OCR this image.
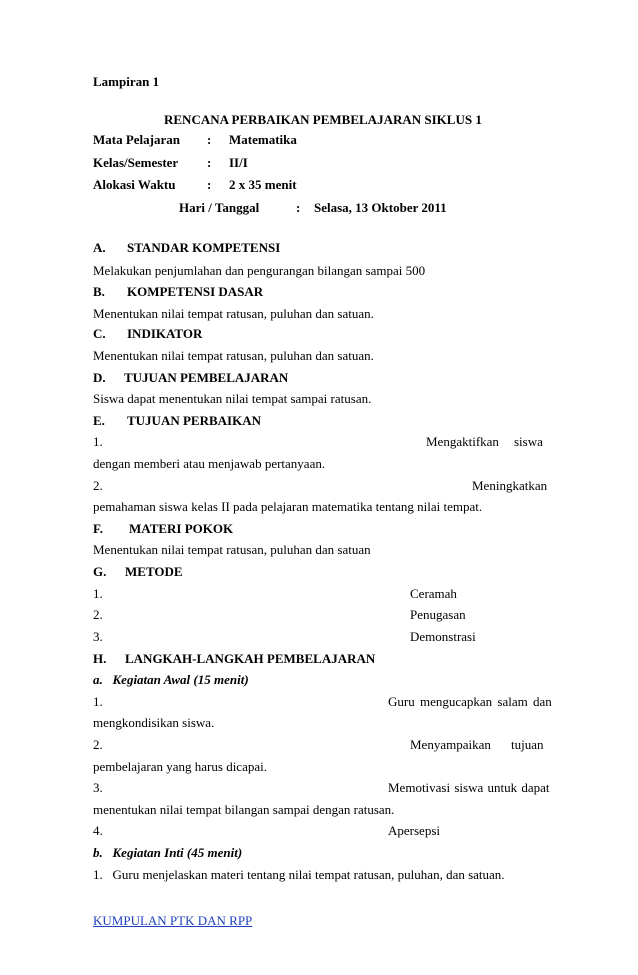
Lampiran 1
RENCANA PERBAIKAN PEMBELAJARAN SIKLUS 1
Mata Pelajaran : Matematika
Kelas/Semester : II/I
Alokasi Waktu : 2 x 35 menit
Hari / Tanggal	: Selasa, 13 Oktober 2011
A. STANDAR KOMPETENSI
Melakukan penjumlahan dan pengurangan bilangan sampai 500
B. KOMPETENSI DASAR
Menentukan nilai tempat ratusan, puluhan dan satuan.
C. INDIKATOR
Menentukan nilai tempat ratusan, puluhan dan satuan.
D. TUJUAN PEMBELAJARAN
Siswa dapat menentukan nilai tempat sampai ratusan.
E. TUJUAN PERBAIKAN
1.	Mengaktifkan siswa
dengan memberi atau menjawab pertanyaan.
2.	Meningkatkan
pemahaman siswa kelas II pada pelajaran matematika tentang nilai tempat.
F. MATERI POKOK
Menentukan nilai tempat ratusan, puluhan dan satuan
G. METODE
1.	Ceramah
2.	Penugasan
3.	Demonstrasi
H. LANGKAH-LANGKAH PEMBELAJARAN
a.   Kegiatan Awal (15 menit)
1.	Guru mengucapkan salam dan
mengkondisikan siswa.
2.	Menyampaikan tujuan
pembelajaran yang harus dicapai.
3.	Memotivasi siswa untuk dapat
menentukan nilai tempat bilangan sampai dengan ratusan.
4.	Apersepsi
b.   Kegiatan Inti (45 menit)
1.   Guru menjelaskan materi tentang nilai tempat ratusan, puluhan, dan satuan.
KUMPULAN PTK DAN RPP
